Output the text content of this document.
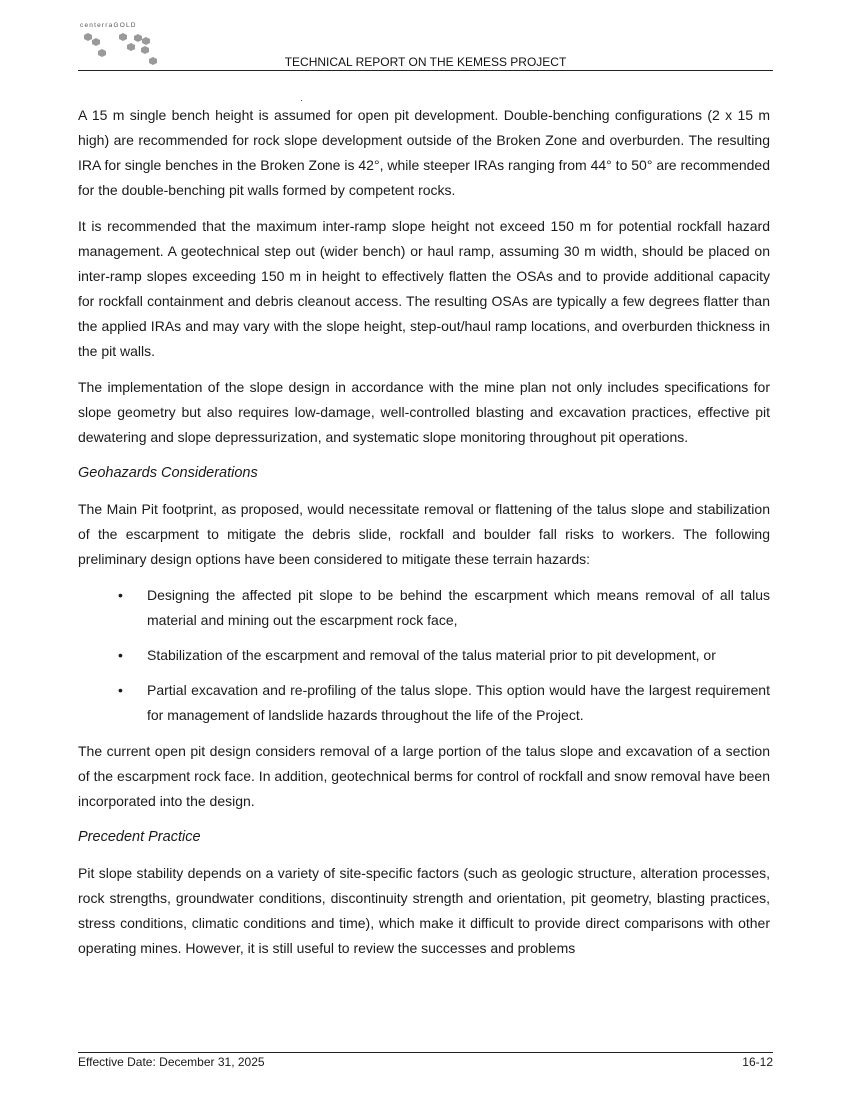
centerraGOLD
TECHNICAL REPORT ON THE KEMESS PROJECT

A 15 m single bench height is assumed for open pit development. Double-benching configurations (2 x 15 m high) are recommended for rock slope development outside of the Broken Zone and overburden. The resulting IRA for single benches in the Broken Zone is 42°, while steeper IRAs ranging from 44° to 50° are recommended for the double-benching pit walls formed by competent rocks.

It is recommended that the maximum inter-ramp slope height not exceed 150 m for potential rockfall hazard management. A geotechnical step out (wider bench) or haul ramp, assuming 30 m width, should be placed on inter-ramp slopes exceeding 150 m in height to effectively flatten the OSAs and to provide additional capacity for rockfall containment and debris cleanout access. The resulting OSAs are typically a few degrees flatter than the applied IRAs and may vary with the slope height, step-out/haul ramp locations, and overburden thickness in the pit walls.

The implementation of the slope design in accordance with the mine plan not only includes specifications for slope geometry but also requires low-damage, well-controlled blasting and excavation practices, effective pit dewatering and slope depressurization, and systematic slope monitoring throughout pit operations.

Geohazards Considerations

The Main Pit footprint, as proposed, would necessitate removal or flattening of the talus slope and stabilization of the escarpment to mitigate the debris slide, rockfall and boulder fall risks to workers. The following preliminary design options have been considered to mitigate these terrain hazards:

• Designing the affected pit slope to be behind the escarpment which means removal of all talus material and mining out the escarpment rock face,
• Stabilization of the escarpment and removal of the talus material prior to pit development, or
• Partial excavation and re-profiling of the talus slope. This option would have the largest requirement for management of landslide hazards throughout the life of the Project.

The current open pit design considers removal of a large portion of the talus slope and excavation of a section of the escarpment rock face. In addition, geotechnical berms for control of rockfall and snow removal have been incorporated into the design.

Precedent Practice

Pit slope stability depends on a variety of site-specific factors (such as geologic structure, alteration processes, rock strengths, groundwater conditions, discontinuity strength and orientation, pit geometry, blasting practices, stress conditions, climatic conditions and time), which make it difficult to provide direct comparisons with other operating mines. However, it is still useful to review the successes and problems

Effective Date: December 31, 2025	16-12
